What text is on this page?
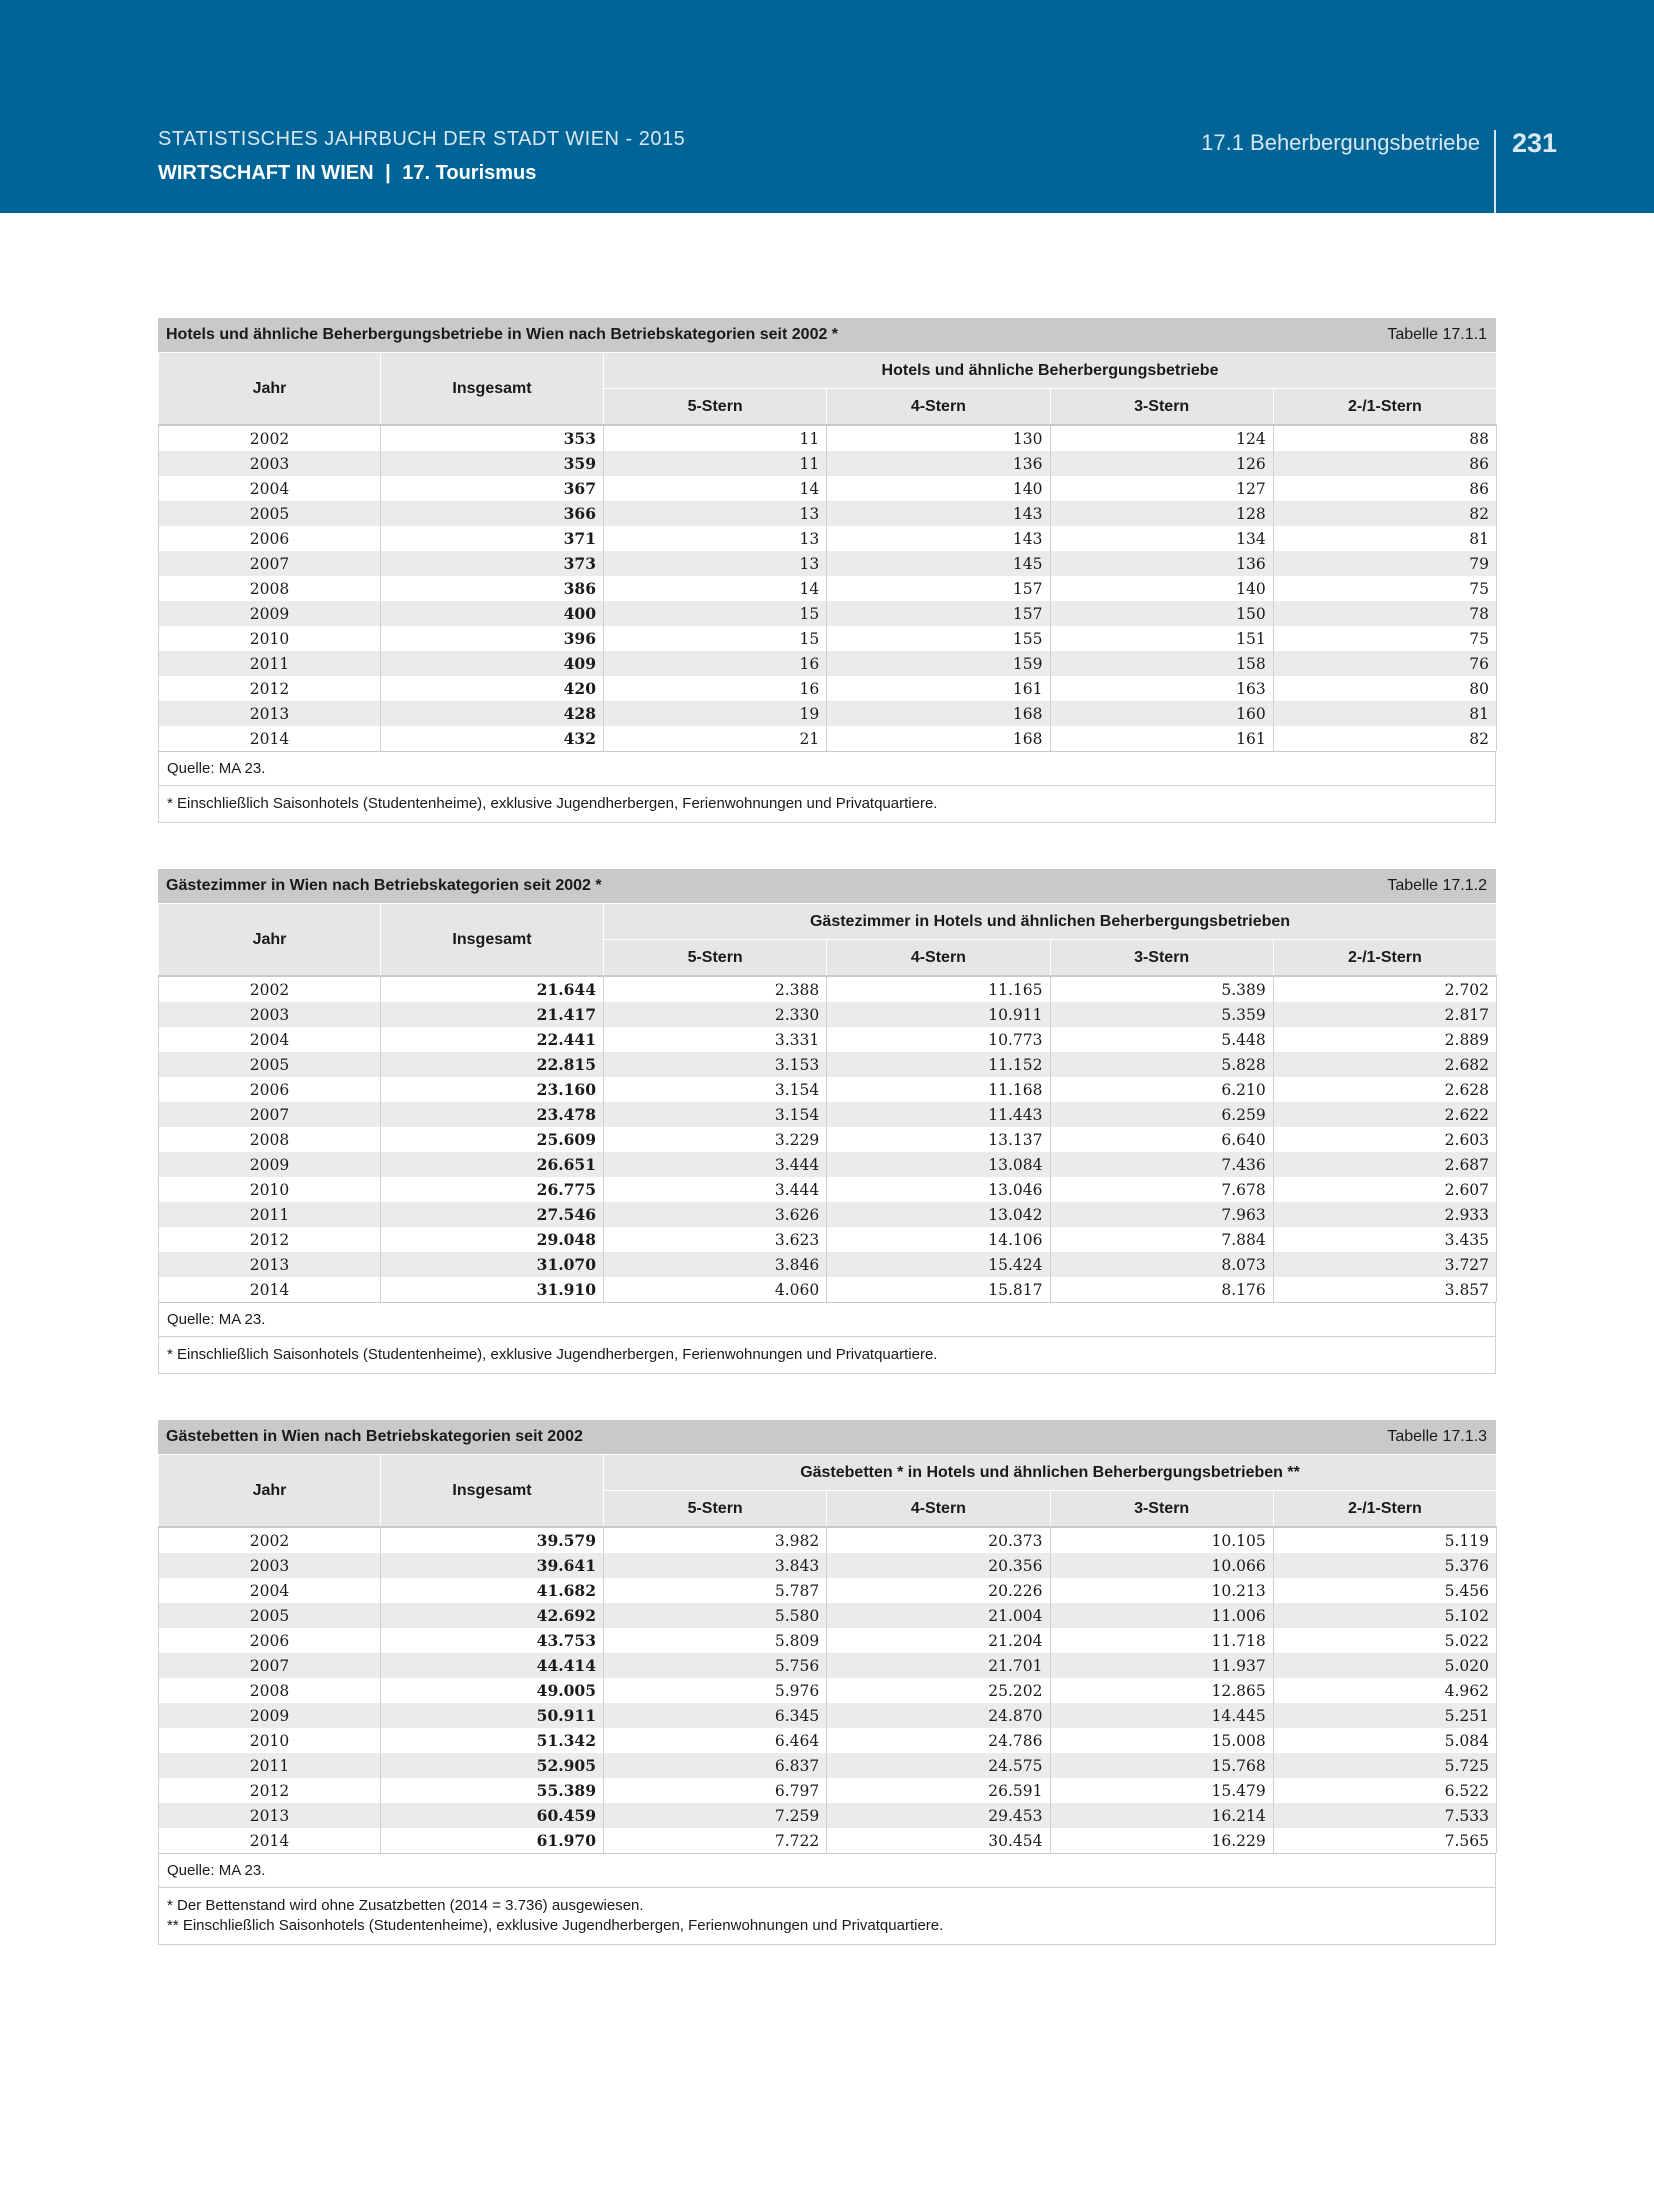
STATISTISCHES JAHRBUCH DER STADT WIEN - 2015
WIRTSCHAFT IN WIEN | 17. Tourismus
17.1 Beherbergungsbetriebe 231
Hotels und ähnliche Beherbergungsbetriebe in Wien nach Betriebskategorien seit 2002 *	Tabelle 17.1.1
Jahr	Insgesamt	Hotels und ähnliche Beherbergungsbetriebe			
		5-Stern	4-Stern	3-Stern	2-/1-Stern
2002	353	11	130	124	88
2003	359	11	136	126	86
2004	367	14	140	127	86
2005	366	13	143	128	82
2006	371	13	143	134	81
2007	373	13	145	136	79
2008	386	14	157	140	75
2009	400	15	157	150	78
2010	396	15	155	151	75
2011	409	16	159	158	76
2012	420	16	161	163	80
2013	428	19	168	160	81
2014	432	21	168	161	82
Quelle: MA 23.
* Einschließlich Saisonhotels (Studentenheime), exklusive Jugendherbergen, Ferienwohnungen und Privatquartiere.
Gästezimmer in Wien nach Betriebskategorien seit 2002 *	Tabelle 17.1.2
Jahr	Insgesamt	Gästezimmer in Hotels und ähnlichen Beherbergungsbetrieben			
		5-Stern	4-Stern	3-Stern	2-/1-Stern
2002	21.644	2.388	11.165	5.389	2.702
2003	21.417	2.330	10.911	5.359	2.817
2004	22.441	3.331	10.773	5.448	2.889
2005	22.815	3.153	11.152	5.828	2.682
2006	23.160	3.154	11.168	6.210	2.628
2007	23.478	3.154	11.443	6.259	2.622
2008	25.609	3.229	13.137	6.640	2.603
2009	26.651	3.444	13.084	7.436	2.687
2010	26.775	3.444	13.046	7.678	2.607
2011	27.546	3.626	13.042	7.963	2.933
2012	29.048	3.623	14.106	7.884	3.435
2013	31.070	3.846	15.424	8.073	3.727
2014	31.910	4.060	15.817	8.176	3.857
Quelle: MA 23.
* Einschließlich Saisonhotels (Studentenheime), exklusive Jugendherbergen, Ferienwohnungen und Privatquartiere.
Gästebetten in Wien nach Betriebskategorien seit 2002	Tabelle 17.1.3
Jahr	Insgesamt	Gästebetten * in Hotels und ähnlichen Beherbergungsbetrieben **			
		5-Stern	4-Stern	3-Stern	2-/1-Stern
2002	39.579	3.982	20.373	10.105	5.119
2003	39.641	3.843	20.356	10.066	5.376
2004	41.682	5.787	20.226	10.213	5.456
2005	42.692	5.580	21.004	11.006	5.102
2006	43.753	5.809	21.204	11.718	5.022
2007	44.414	5.756	21.701	11.937	5.020
2008	49.005	5.976	25.202	12.865	4.962
2009	50.911	6.345	24.870	14.445	5.251
2010	51.342	6.464	24.786	15.008	5.084
2011	52.905	6.837	24.575	15.768	5.725
2012	55.389	6.797	26.591	15.479	6.522
2013	60.459	7.259	29.453	16.214	7.533
2014	61.970	7.722	30.454	16.229	7.565
Quelle: MA 23.
* Der Bettenstand wird ohne Zusatzbetten (2014 = 3.736) ausgewiesen.
** Einschließlich Saisonhotels (Studentenheime), exklusive Jugendherbergen, Ferienwohnungen und Privatquartiere.
